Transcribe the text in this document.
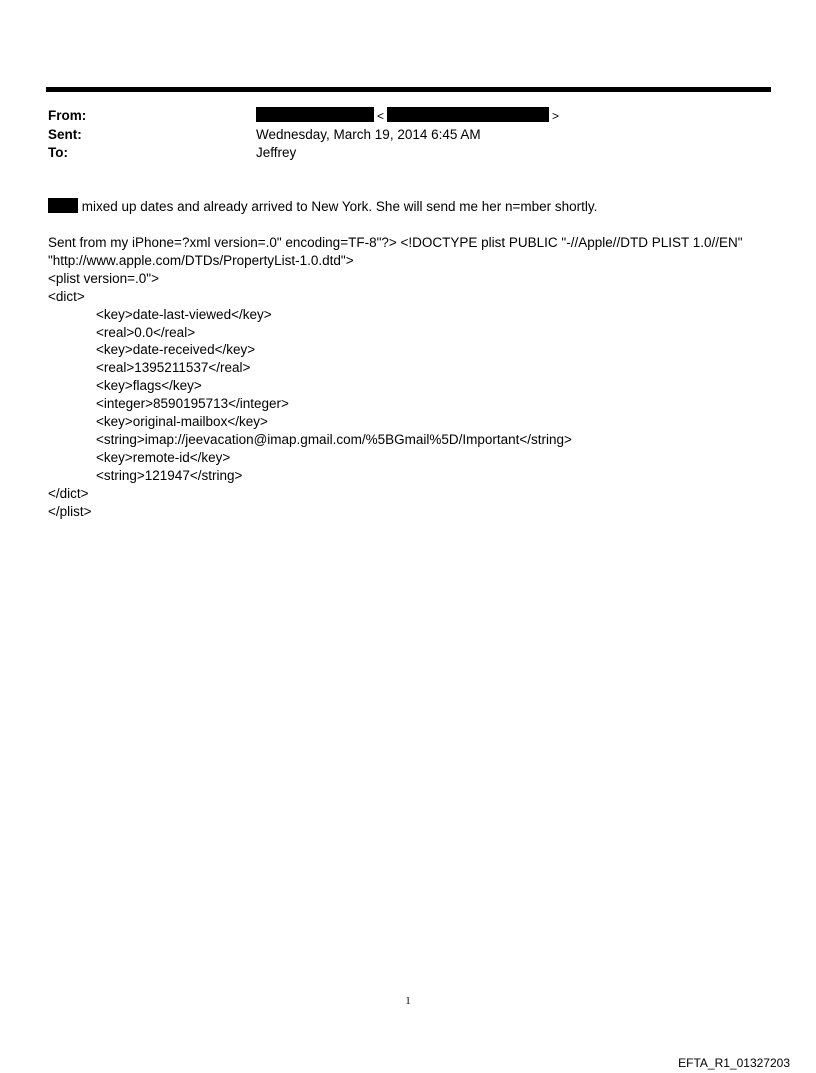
From:	<	>
Sent:	Wednesday, March 19, 2014 6:45 AM
To:	Jeffrey
mixed up dates and already arrived to New York. She will send me her n=mber shortly.
Sent from my iPhone=?xml version=.0" encoding=TF-8"?> <!DOCTYPE plist PUBLIC "-//Apple//DTD PLIST 1.0//EN"
"http://www.apple.com/DTDs/PropertyList-1.0.dtd">
<plist version=.0">
<dict>
<key>date-last-viewed</key>
<real>0.0</real>
<key>date-received</key>
<real>1395211537</real>
<key>flags</key>
<integer>8590195713</integer>
<key>original-mailbox</key>
<string>imap://jeevacation@imap.gmail.com/%5BGmail%5D/Important</string>
<key>remote-id</key>
<string>121947</string>
</dict>
</plist>
1
EFTA_R1_01327203
